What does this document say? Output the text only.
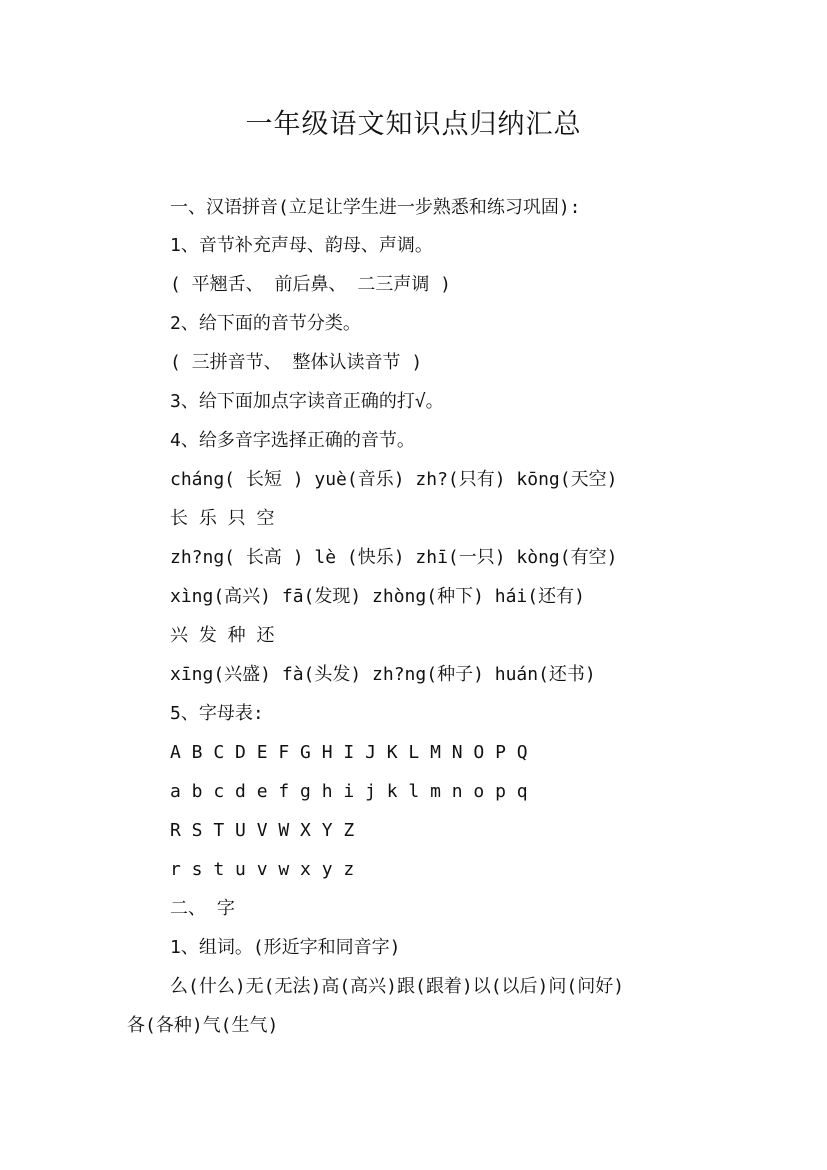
一年级语文知识点归纳汇总
一、汉语拼音(立足让学生进一步熟悉和练习巩固):
1、音节补充声母、韵母、声调。
( 平翘舌、 前后鼻、 二三声调 )
2、给下面的音节分类。
( 三拼音节、 整体认读音节 )
3、给下面加点字读音正确的打√。
4、给多音字选择正确的音节。
cháng( 长短 ) yuè(音乐) zh?(只有) kōng(天空)
长 乐 只 空
zh?ng( 长高 ) lè (快乐) zhī(一只) kòng(有空)
xìng(高兴) fā(发现) zhòng(种下) hái(还有)
兴 发 种 还
xīng(兴盛) fà(头发) zh?ng(种子) huán(还书)
5、字母表:
A B C D E F G H I J K L M N O P Q
a b c d e f g h i j k l m n o p q
R S T U V W X Y Z
r s t u v w x y z
二、 字
1、组词。(形近字和同音字)
么(什么)无(无法)高(高兴)跟(跟着)以(以后)问(问好)
各(各种)气(生气)
